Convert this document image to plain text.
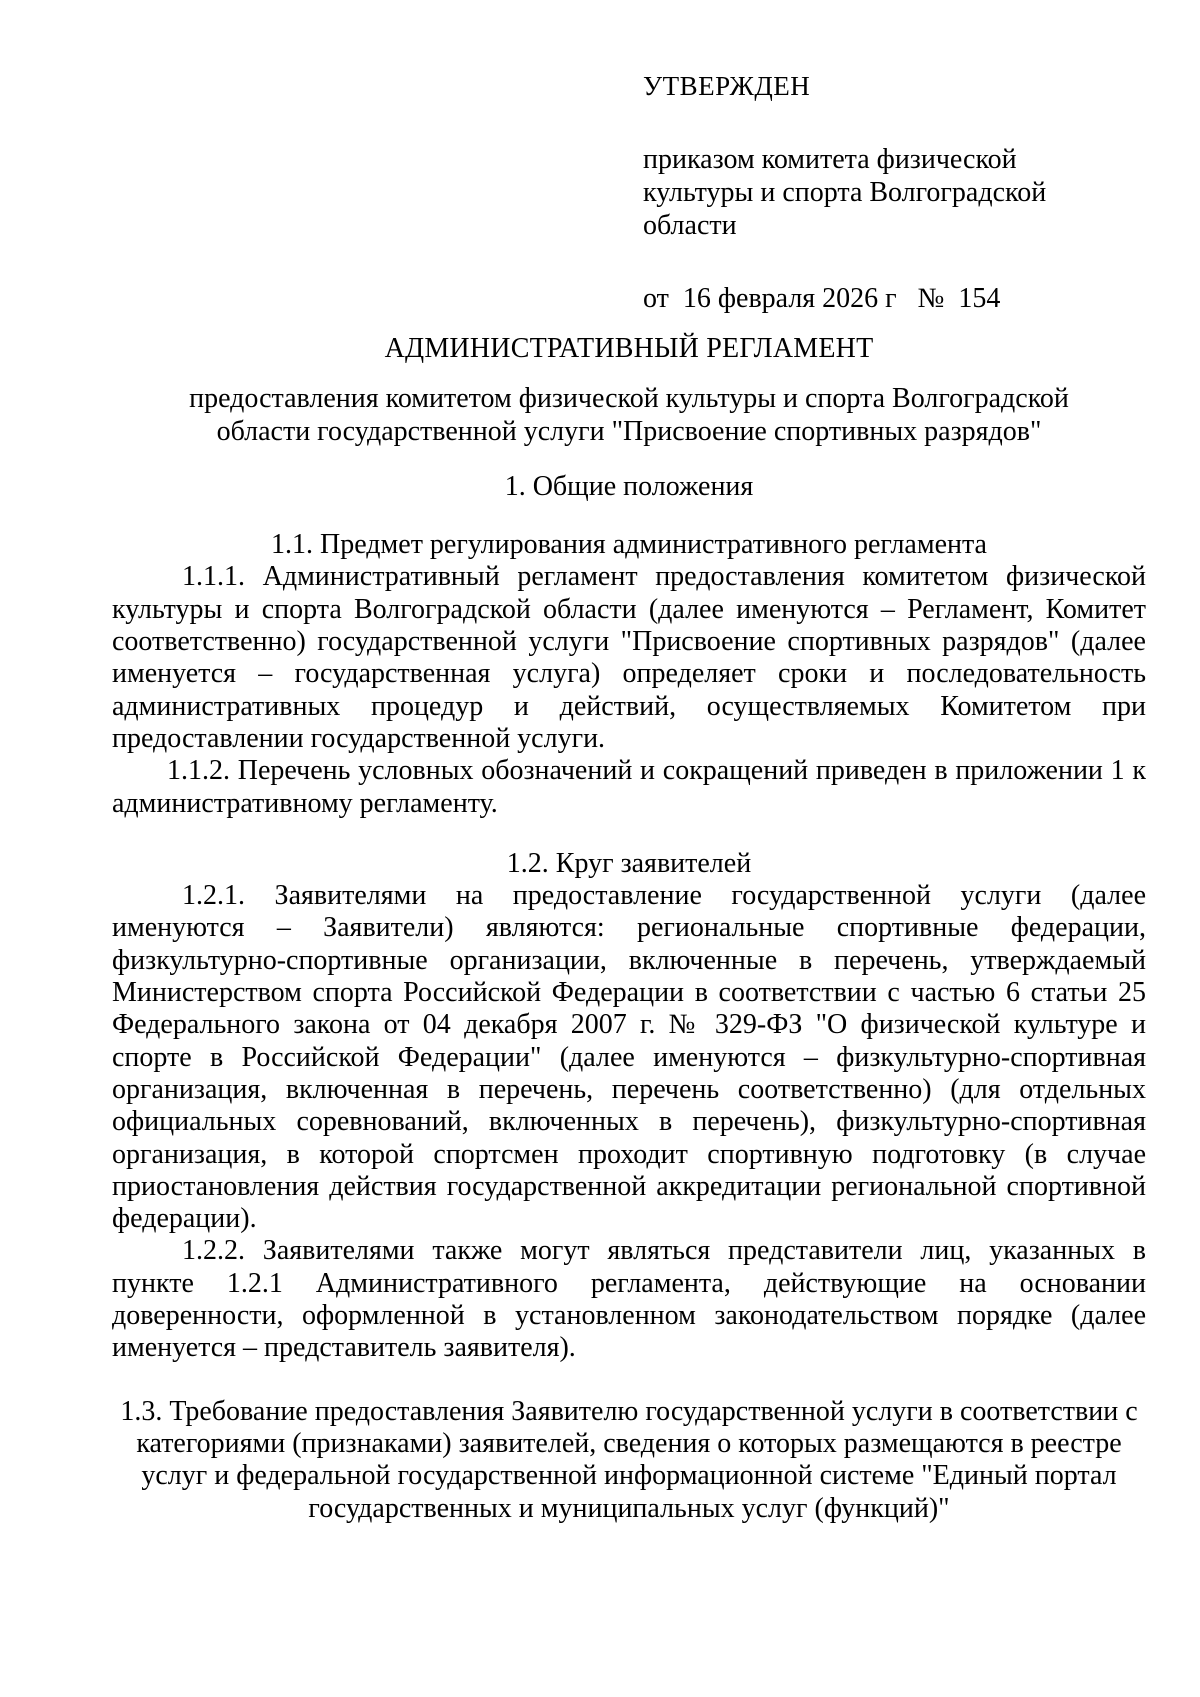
УТВЕРЖДЕН
приказом комитета физической культуры и спорта Волгоградской области
от  16 февраля 2026 г   №  154
АДМИНИСТРАТИВНЫЙ РЕГЛАМЕНТ
предоставления комитетом физической культуры и спорта Волгоградской области государственной услуги "Присвоение спортивных разрядов"
1. Общие положения
1.1. Предмет регулирования административного регламента

1.1.1. Административный регламент предоставления комитетом физической культуры и спорта Волгоградской области (далее именуются – Регламент, Комитет соответственно) государственной услуги "Присвоение спортивных разрядов" (далее именуется – государственная услуга) определяет сроки и последовательность административных процедур и действий, осуществляемых Комитетом при предоставлении государственной услуги.

1.1.2. Перечень условных обозначений и сокращений приведен в приложении 1 к административному регламенту.

1.2. Круг заявителей

1.2.1. Заявителями на предоставление государственной услуги (далее именуются – Заявители) являются: региональные спортивные федерации, физкультурно-спортивные организации, включенные в перечень, утверждаемый Министерством спорта Российской Федерации в соответствии с частью 6 статьи 25 Федерального закона от 04 декабря 2007 г. № 329-ФЗ "О физической культуре и спорте в Российской Федерации" (далее именуются – физкультурно-спортивная организация, включенная в перечень, перечень соответственно) (для отдельных официальных соревнований, включенных в перечень), физкультурно-спортивная организация, в которой спортсмен проходит спортивную подготовку (в случае приостановления действия государственной аккредитации региональной спортивной федерации).

1.2.2. Заявителями также могут являться представители лиц, указанных в пункте 1.2.1 Административного регламента, действующие на основании доверенности, оформленной в установленном законодательством порядке (далее именуется – представитель заявителя).

1.3. Требование предоставления Заявителю государственной услуги в соответствии с категориями (признаками) заявителей, сведения о которых размещаются в реестре услуг и федеральной государственной информационной системе "Единый портал государственных и муниципальных услуг (функций)"
